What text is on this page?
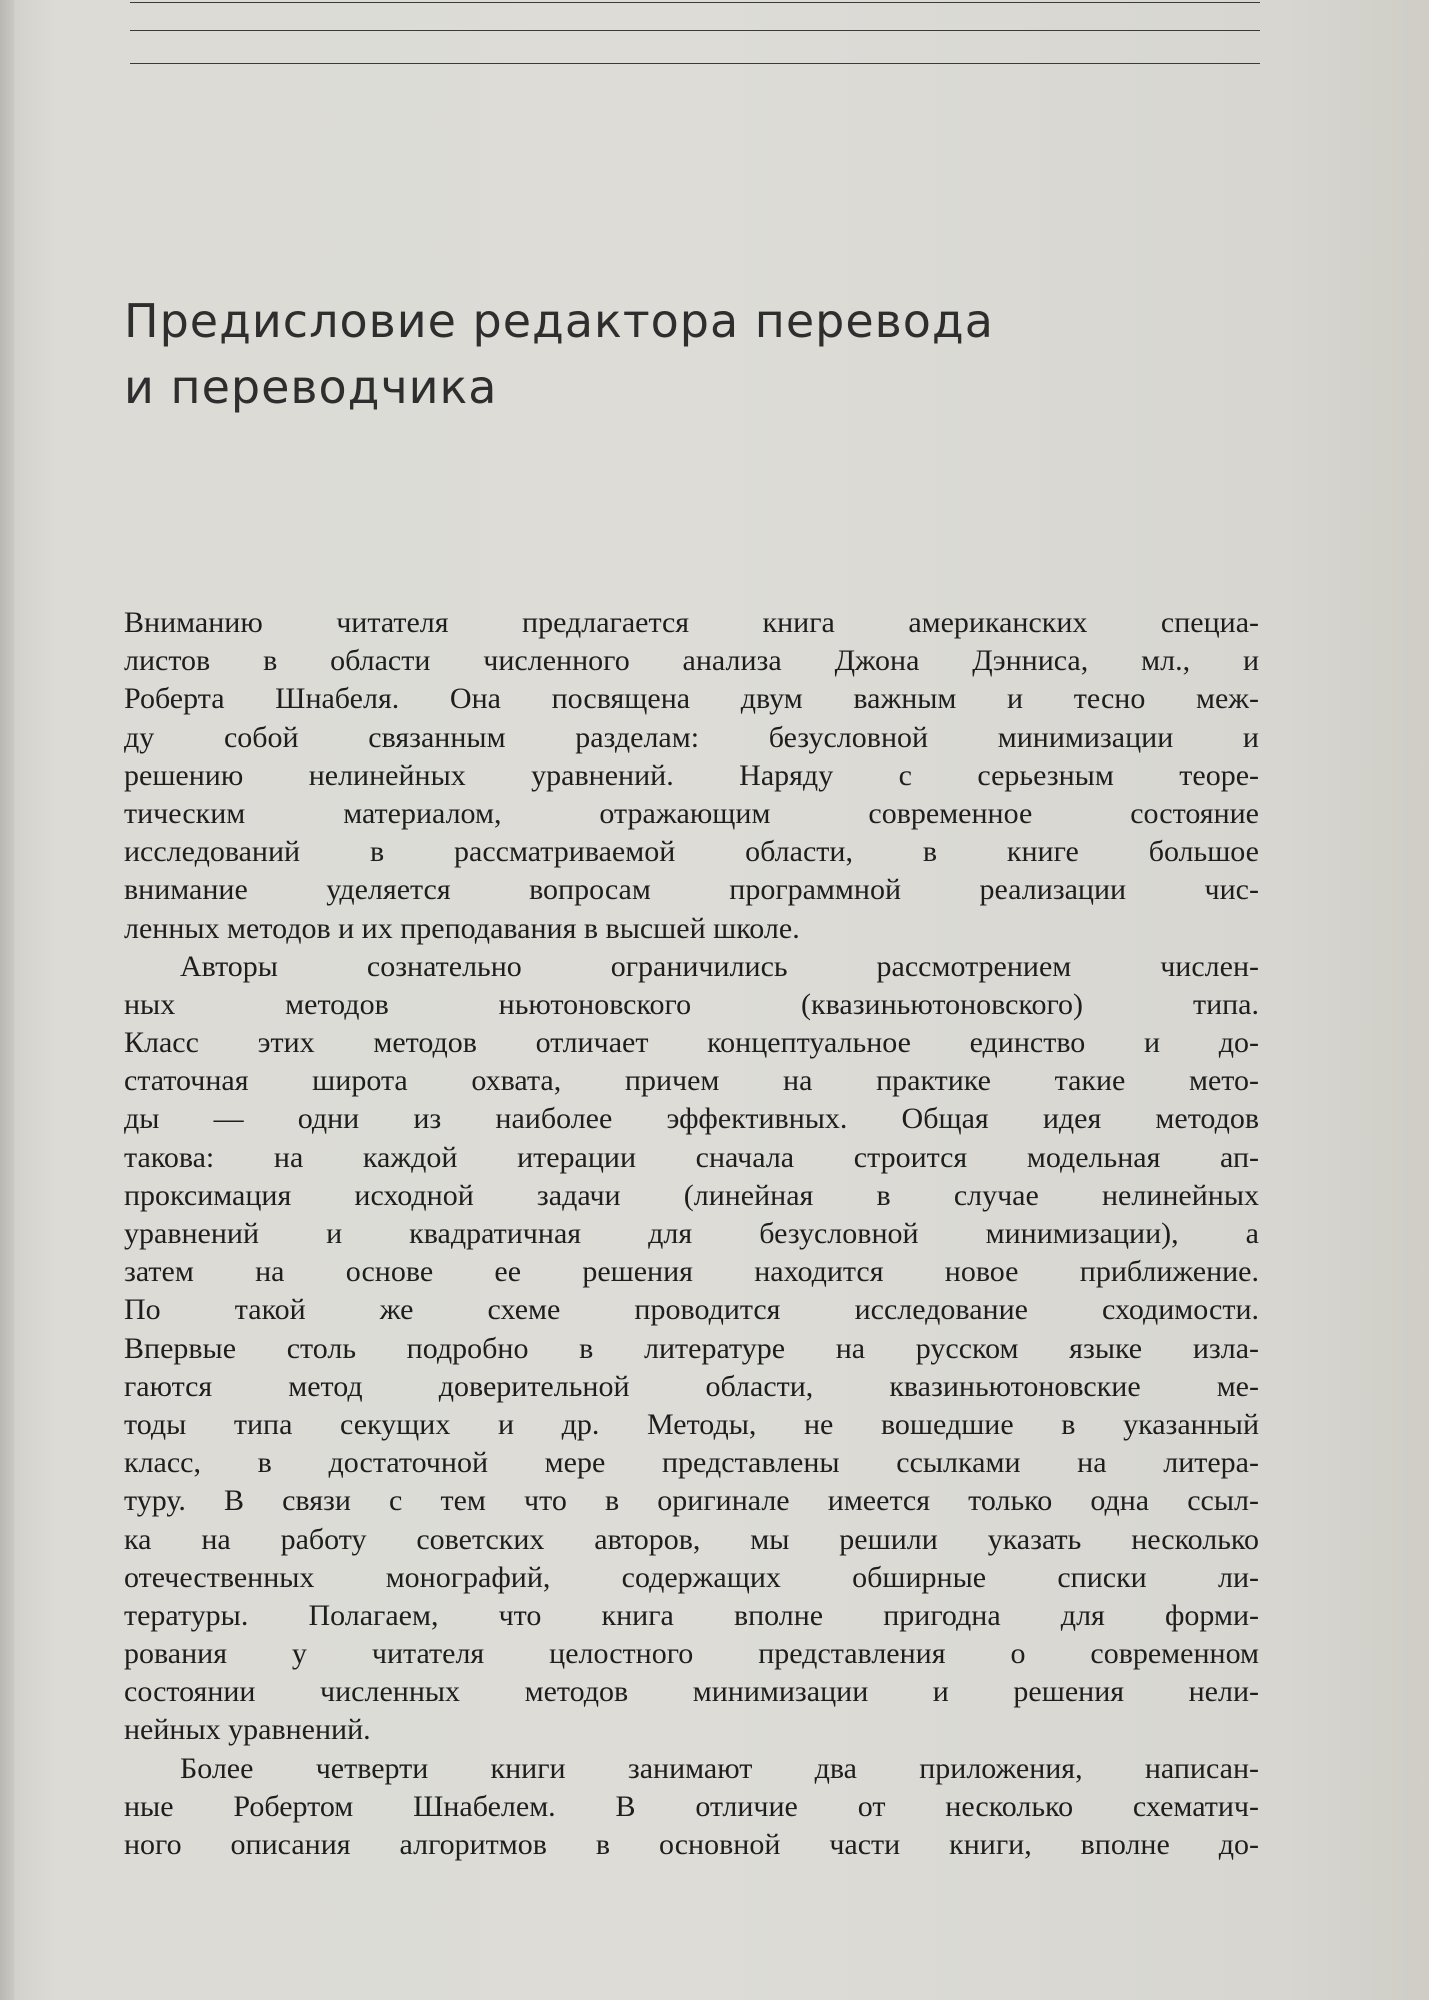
Предисловие редактора перевода
и переводчика
Вниманию читателя предлагается книга американских специа-
листов в области численного анализа Джона Дэнниса, мл., и
Роберта Шнабеля. Она посвящена двум важным и тесно меж-
ду собой связанным разделам: безусловной минимизации и
решению нелинейных уравнений. Наряду с серьезным теоре-
тическим материалом, отражающим современное состояние
исследований в рассматриваемой области, в книге большое
внимание уделяется вопросам программной реализации чис-
ленных методов и их преподавания в высшей школе.
Авторы сознательно ограничились рассмотрением числен-
ных методов ньютоновского (квазиньютоновского) типа.
Класс этих методов отличает концептуальное единство и до-
статочная широта охвата, причем на практике такие мето-
ды — одни из наиболее эффективных. Общая идея методов
такова: на каждой итерации сначала строится модельная ап-
проксимация исходной задачи (линейная в случае нелинейных
уравнений и квадратичная для безусловной минимизации), а
затем на основе ее решения находится новое приближение.
По такой же схеме проводится исследование сходимости.
Впервые столь подробно в литературе на русском языке изла-
гаются метод доверительной области, квазиньютоновские ме-
тоды типа секущих и др. Методы, не вошедшие в указанный
класс, в достаточной мере представлены ссылками на литера-
туру. В связи с тем что в оригинале имеется только одна ссыл-
ка на работу советских авторов, мы решили указать несколько
отечественных монографий, содержащих обширные списки ли-
тературы. Полагаем, что книга вполне пригодна для форми-
рования у читателя целостного представления о современном
состоянии численных методов минимизации и решения нели-
нейных уравнений.
Более четверти книги занимают два приложения, написан-
ные Робертом Шнабелем. В отличие от несколько схематич-
ного описания алгоритмов в основной части книги, вполне до-
